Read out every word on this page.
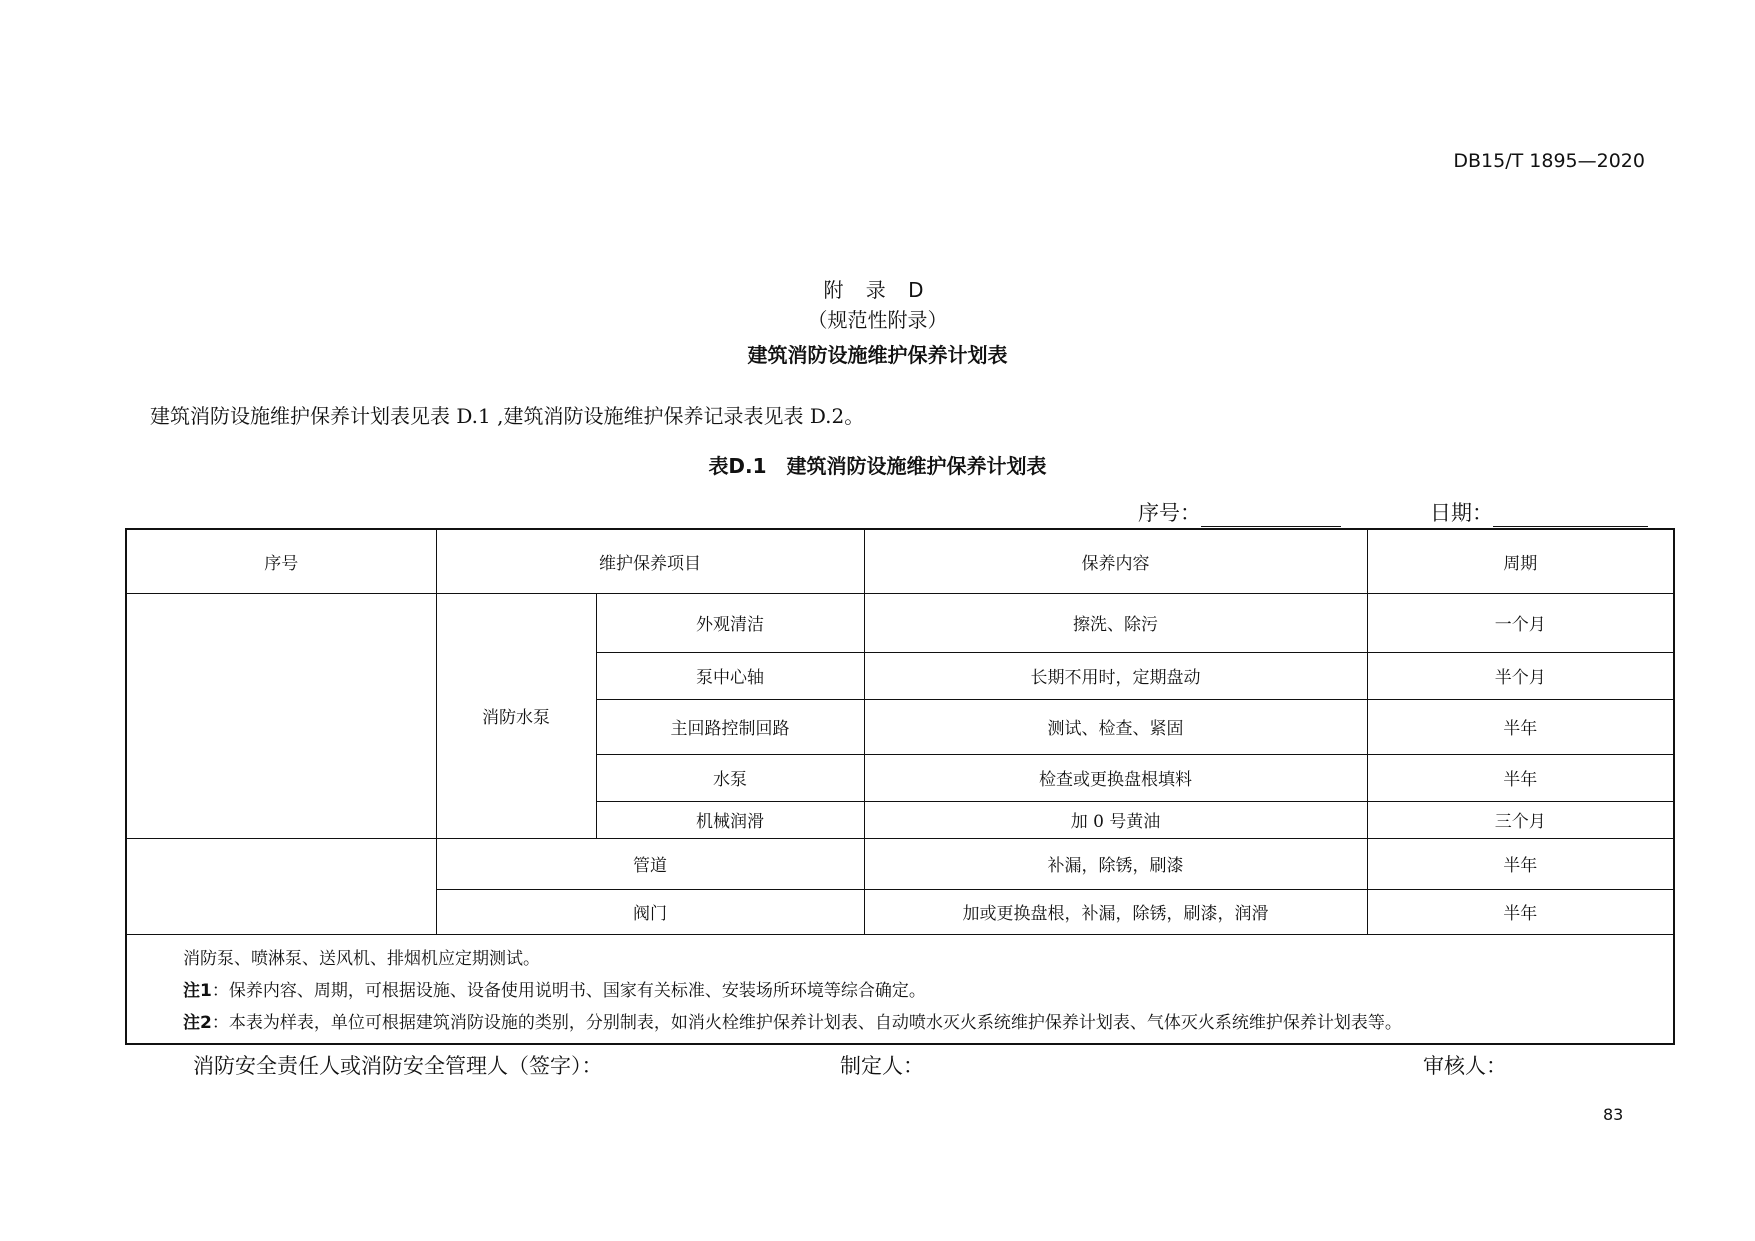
DB15/T 1895—2020
附 录 D
（规范性附录）
建筑消防设施维护保养计划表
建筑消防设施维护保养计划表见表 D.1 ,建筑消防设施维护保养记录表见表 D.2。
表D.1　建筑消防设施维护保养计划表
序号：	日期：
序号	维护保养项目		保养内容	周期
	消防水泵	外观清洁	擦洗、除污	一个月
		泵中心轴	长期不用时，定期盘动	半个月
		主回路控制回路	测试、检查、紧固	半年
		水泵	检查或更换盘根填料	半年
		机械润滑	加 0 号黄油	三个月
	管道		补漏，除锈，刷漆	半年
	阀门		加或更换盘根，补漏，除锈，刷漆，润滑	半年

消防泵、喷淋泵、送风机、排烟机应定期测试。
注1：保养内容、周期，可根据设施、设备使用说明书、国家有关标准、安装场所环境等综合确定。
注2：本表为样表，单位可根据建筑消防设施的类别，分别制表，如消火栓维护保养计划表、自动喷水灭火系统维护保养计划表、气体灭火系统维护保养计划表等。				
消防安全责任人或消防安全管理人（签字）：	制定人：	审核人：
83
